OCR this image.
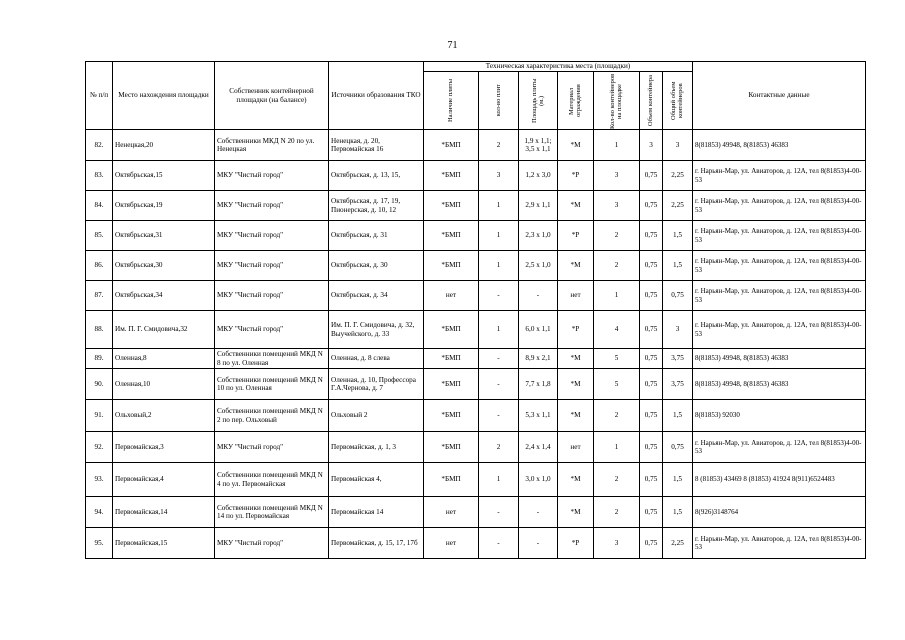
71
№ п/п	Место нахождения площадки	Собственник контейнерной площадки (на балансе)	Источники образования ТКО	Техническая характеристика места (площадки)							Контактные данные

				Наличие плиты	кол-во плит	Площадь плиты (м.)	Материал ограждения	Кол-во контейнеров на площадке	Объем контейнера	Общий объем контейнеров	

82.	Ненецкая,20	Собственники МКД N 20 по ул. Ненецкая	Ненецкая, д. 20, Первомайская 16	*БМП	2	1,9 х 1,1; 3,5 х 1,1	*М	1	3	3	8(81853) 49948, 8(81853) 46383
83.	Октябрьская,15	МКУ "Чистый город"	Октябрьская, д. 13, 15,	*БМП	3	1,2 х 3,0	*Р	3	0,75	2,25	г. Нарьян-Мар, ул. Авиаторов, д. 12А, тел 8(81853)4-00-53
84.	Октябрьская,19	МКУ "Чистый город"	Октябрьская, д. 17, 19, Пионерская, д. 10, 12	*БМП	1	2,9 х 1,1	*М	3	0,75	2,25	г. Нарьян-Мар, ул. Авиаторов, д. 12А, тел 8(81853)4-00-53
85.	Октябрьская,31	МКУ "Чистый город"	Октябрьская, д. 31	*БМП	1	2,3 х 1,0	*Р	2	0,75	1,5	г. Нарьян-Мар, ул. Авиаторов, д. 12А, тел 8(81853)4-00-53
86.	Октябрьская,30	МКУ "Чистый город"	Октябрьская, д. 30	*БМП	1	2,5 х 1,0	*М	2	0,75	1,5	г. Нарьян-Мар, ул. Авиаторов, д. 12А, тел 8(81853)4-00-53
87.	Октябрьская,34	МКУ "Чистый город"	Октябрьская, д. 34	нет	-	-	нет	1	0,75	0,75	г. Нарьян-Мар, ул. Авиаторов, д. 12А, тел 8(81853)4-00-53
88.	Им. П. Г. Смидовича,32	МКУ "Чистый город"	Им. П. Г. Смидовича, д. 32, Выучейского, д. 33	*БМП	1	6,0 х 1,1	*Р	4	0,75	3	г. Нарьян-Мар, ул. Авиаторов, д. 12А, тел 8(81853)4-00-53
89.	Оленная,8	Собственники помещений МКД N 8 по ул. Оленная	Оленная, д. 8 слева	*БМП	-	8,9 х 2,1	*М	5	0,75	3,75	8(81853) 49948, 8(81853) 46383
90.	Оленная,10	Собственники помещений МКД N 10 по ул. Оленная	Оленная, д. 10, Профессора Г.А.Чернова, д. 7	*БМП	-	7,7 х 1,8	*М	5	0,75	3,75	8(81853) 49948, 8(81853) 46383
91.	Ольховый,2	Собственники помещений МКД N 2 по пер. Ольховый	Ольховый 2	*БМП	-	5,3 х 1,1	*М	2	0,75	1,5	8(81853) 92030
92.	Первомайская,3	МКУ "Чистый город"	Первомайская, д. 1, 3	*БМП	2	2,4 х 1,4	нет	1	0,75	0,75	г. Нарьян-Мар, ул. Авиаторов, д. 12А, тел 8(81853)4-00-53
93.	Первомайская,4	Собственники помещений МКД N 4 по ул. Первомайская	Первомайская 4,	*БМП	1	3,0 х 1,0	*М	2	0,75	1,5	8 (81853) 43469 8 (81853) 41924 8(911)6524483
94.	Первомайская,14	Собственники помещений МКД N 14 по ул. Первомайская	Первомайская 14	нет	-	-	*М	2	0,75	1,5	8(926)3148764
95.	Первомайская,15	МКУ "Чистый город"	Первомайская, д. 15, 17, 17б	нет	-	-	*Р	3	0,75	2,25	г. Нарьян-Мар, ул. Авиаторов, д. 12А, тел 8(81853)4-00-53
